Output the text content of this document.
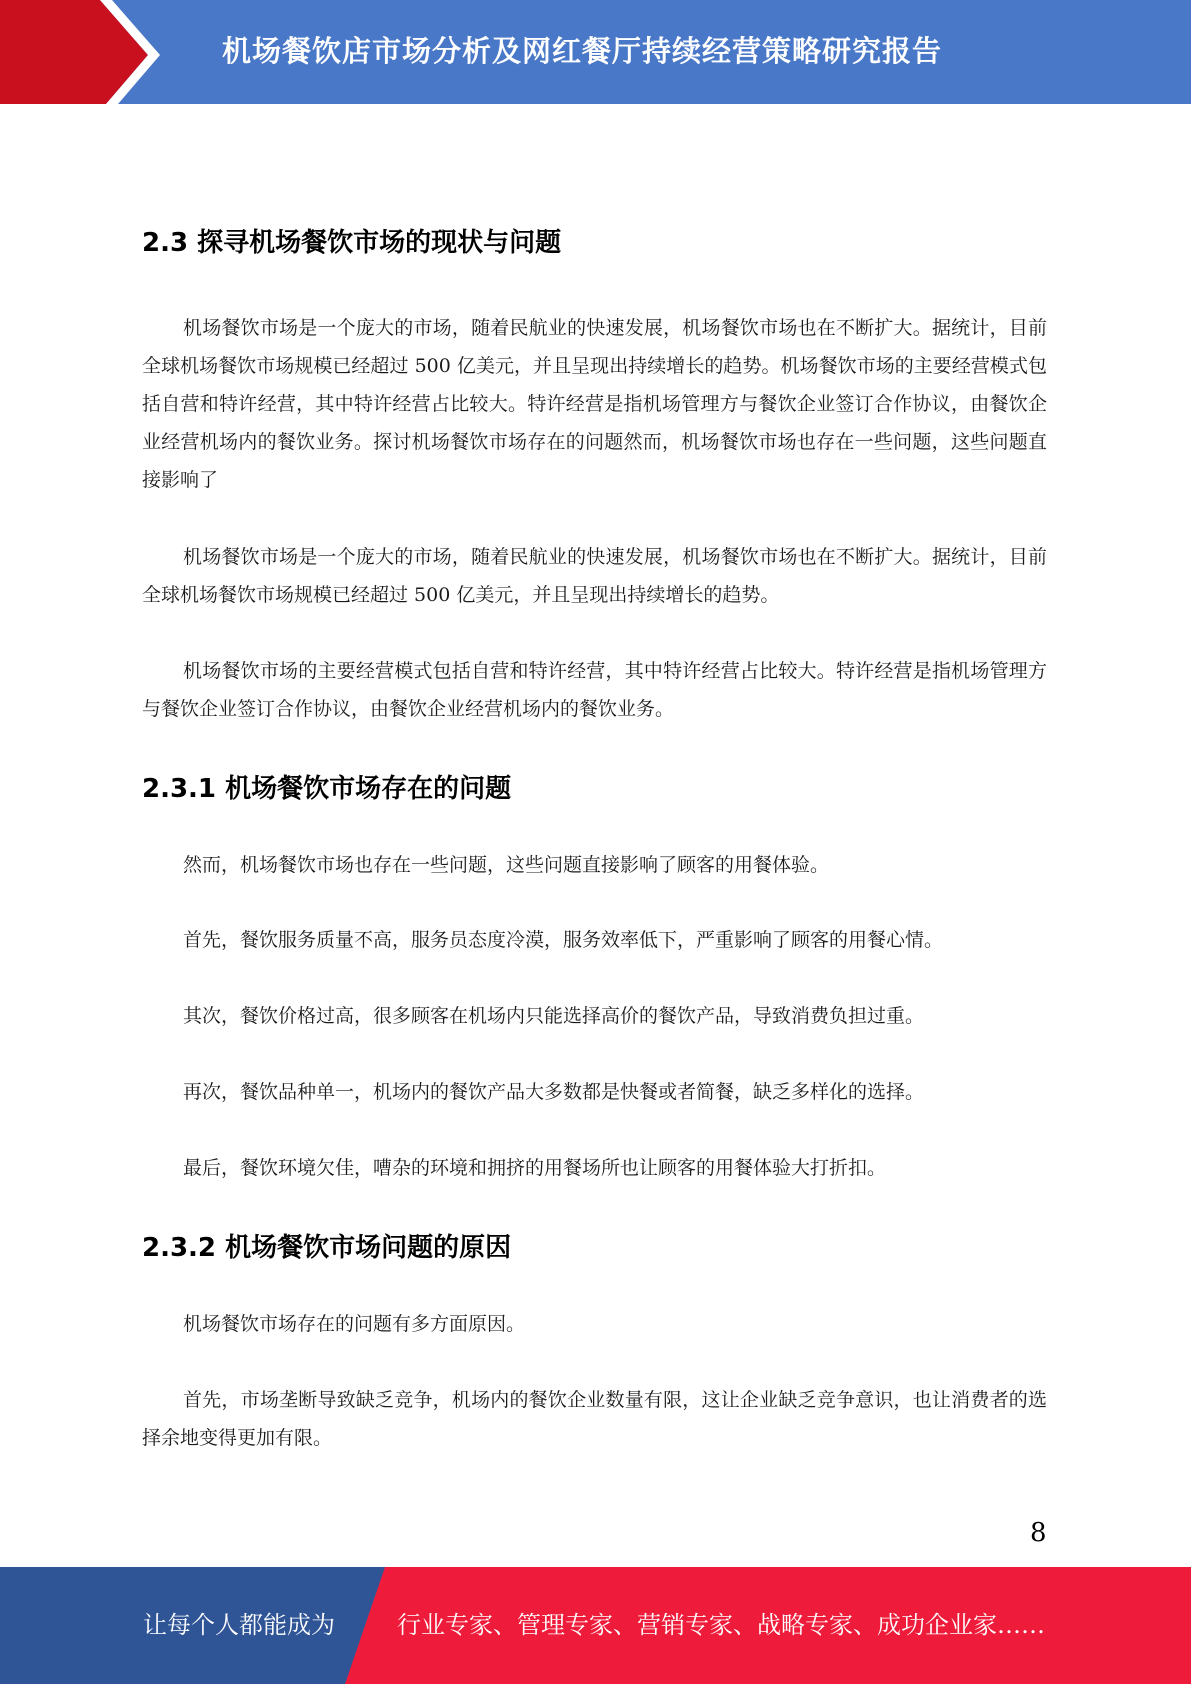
机场餐饮店市场分析及网红餐厅持续经营策略研究报告
2.3 探寻机场餐饮市场的现状与问题

机场餐饮市场是一个庞大的市场，随着民航业的快速发展，机场餐饮市场也在不断扩大。据统计，目前全球机场餐饮市场规模已经超过 500 亿美元，并且呈现出持续增长的趋势。机场餐饮市场的主要经营模式包括自营和特许经营，其中特许经营占比较大。特许经营是指机场管理方与餐饮企业签订合作协议，由餐饮企业经营机场内的餐饮业务。探讨机场餐饮市场存在的问题然而，机场餐饮市场也存在一些问题，这些问题直接影响了

机场餐饮市场是一个庞大的市场，随着民航业的快速发展，机场餐饮市场也在不断扩大。据统计，目前全球机场餐饮市场规模已经超过 500 亿美元，并且呈现出持续增长的趋势。

机场餐饮市场的主要经营模式包括自营和特许经营，其中特许经营占比较大。特许经营是指机场管理方与餐饮企业签订合作协议，由餐饮企业经营机场内的餐饮业务。

2.3.1 机场餐饮市场存在的问题

然而，机场餐饮市场也存在一些问题，这些问题直接影响了顾客的用餐体验。

首先，餐饮服务质量不高，服务员态度冷漠，服务效率低下，严重影响了顾客的用餐心情。

其次，餐饮价格过高，很多顾客在机场内只能选择高价的餐饮产品，导致消费负担过重。

再次，餐饮品种单一，机场内的餐饮产品大多数都是快餐或者简餐，缺乏多样化的选择。

最后，餐饮环境欠佳，嘈杂的环境和拥挤的用餐场所也让顾客的用餐体验大打折扣。

2.3.2 机场餐饮市场问题的原因

机场餐饮市场存在的问题有多方面原因。

首先，市场垄断导致缺乏竞争，机场内的餐饮企业数量有限，这让企业缺乏竞争意识，也让消费者的选择余地变得更加有限。

8
让每个人都能成为	行业专家、管理专家、营销专家、战略专家、成功企业家……
